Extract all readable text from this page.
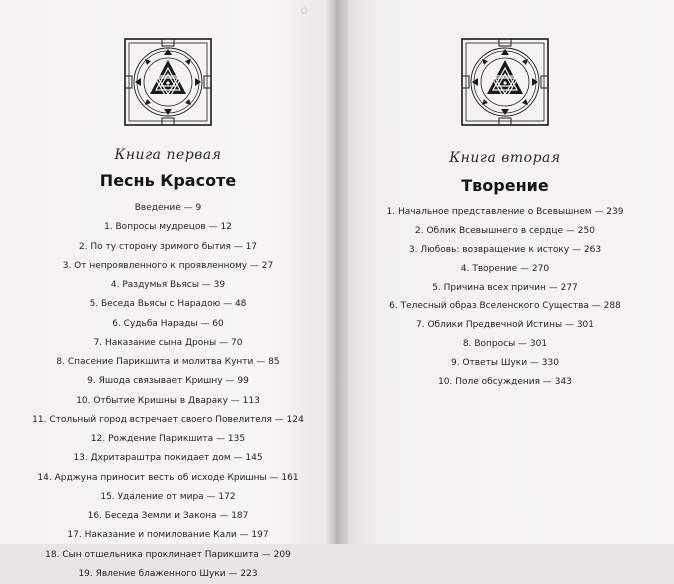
✿
Книга первая
Песнь Красоте
Введение — 9
1. Вопросы мудрецов — 12
2. По ту сторону зримого бытия — 17
3. От непроявленного к проявленному — 27
4. Раздумья Вьясы — 39
5. Беседа Вьясы с Нарадою — 48
6. Судьба Нарады — 60
7. Наказание сына Дроны — 70
8. Спасение Парикшита и молитва Кунти — 85
9. Яшода связывает Кришну — 99
10. Отбытие Кришны в Двараку — 113
11. Стольный город встречает своего Повелителя — 124
12. Рождение Парикшита — 135
13. Дхритараштра покидает дом — 145
14. Арджуна приносит весть об исходе Кришны — 161
15. Удаление от мира — 172
16. Беседа Земли и Закона — 187
17. Наказание и помилование Кали — 197
18. Сын отшельника проклинает Парикшита — 209
19. Явление блаженного Шуки — 223
Книга вторая
Творение
1. Начальное представление о Всевышнем — 239
2. Облик Всевышнего в сердце — 250
3. Любовь: возвращение к истоку — 263
4. Творение — 270
5. Причина всех причин — 277
6. Телесный образ Вселенского Существа — 288
7. Облики Предвечной Истины — 301
8. Вопросы — 301
9. Ответы Шуки — 330
10. Поле обсуждения — 343
